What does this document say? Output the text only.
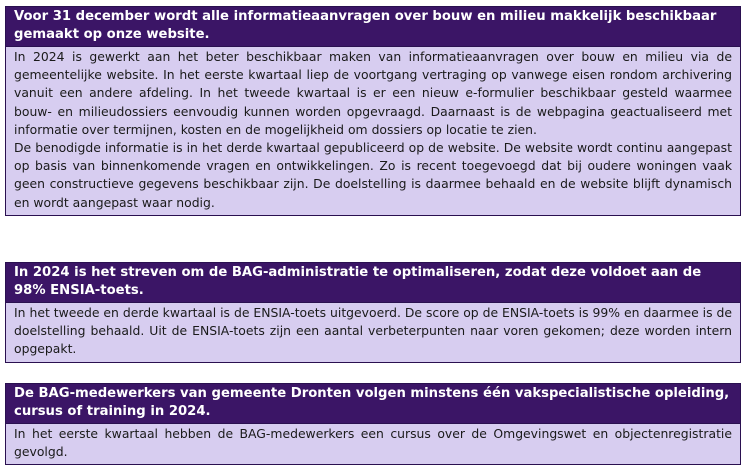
Voor 31 december wordt alle informatieaanvragen over bouw en milieu makkelijk beschikbaar gemaakt op onze website.

In 2024 is gewerkt aan het beter beschikbaar maken van informatieaanvragen over bouw en milieu via de gemeentelijke website. In het eerste kwartaal liep de voortgang vertraging op vanwege eisen rondom archivering vanuit een andere afdeling. In het tweede kwartaal is er een nieuw e-formulier beschikbaar gesteld waarmee bouw- en milieudossiers eenvoudig kunnen worden opgevraagd. Daarnaast is de webpagina geactualiseerd met informatie over termijnen, kosten en de mogelijkheid om dossiers op locatie te zien.

De benodigde informatie is in het derde kwartaal gepubliceerd op de website. De website wordt continu aangepast op basis van binnenkomende vragen en ontwikkelingen. Zo is recent toegevoegd dat bij oudere woningen vaak geen constructieve gegevens beschikbaar zijn. De doelstelling is daarmee behaald en de website blijft dynamisch en wordt aangepast waar nodig.

In 2024 is het streven om de BAG-administratie te optimaliseren, zodat deze voldoet aan de 98% ENSIA-toets.

In het tweede en derde kwartaal is de ENSIA-toets uitgevoerd. De score op de ENSIA-toets is 99% en daarmee is de doelstelling behaald. Uit de ENSIA-toets zijn een aantal verbeterpunten naar voren gekomen; deze worden intern opgepakt.

De BAG-medewerkers van gemeente Dronten volgen minstens één vakspecialistische opleiding, cursus of training in 2024.

In het eerste kwartaal hebben de BAG-medewerkers een cursus over de Omgevingswet en objectenregistratie gevolgd.
